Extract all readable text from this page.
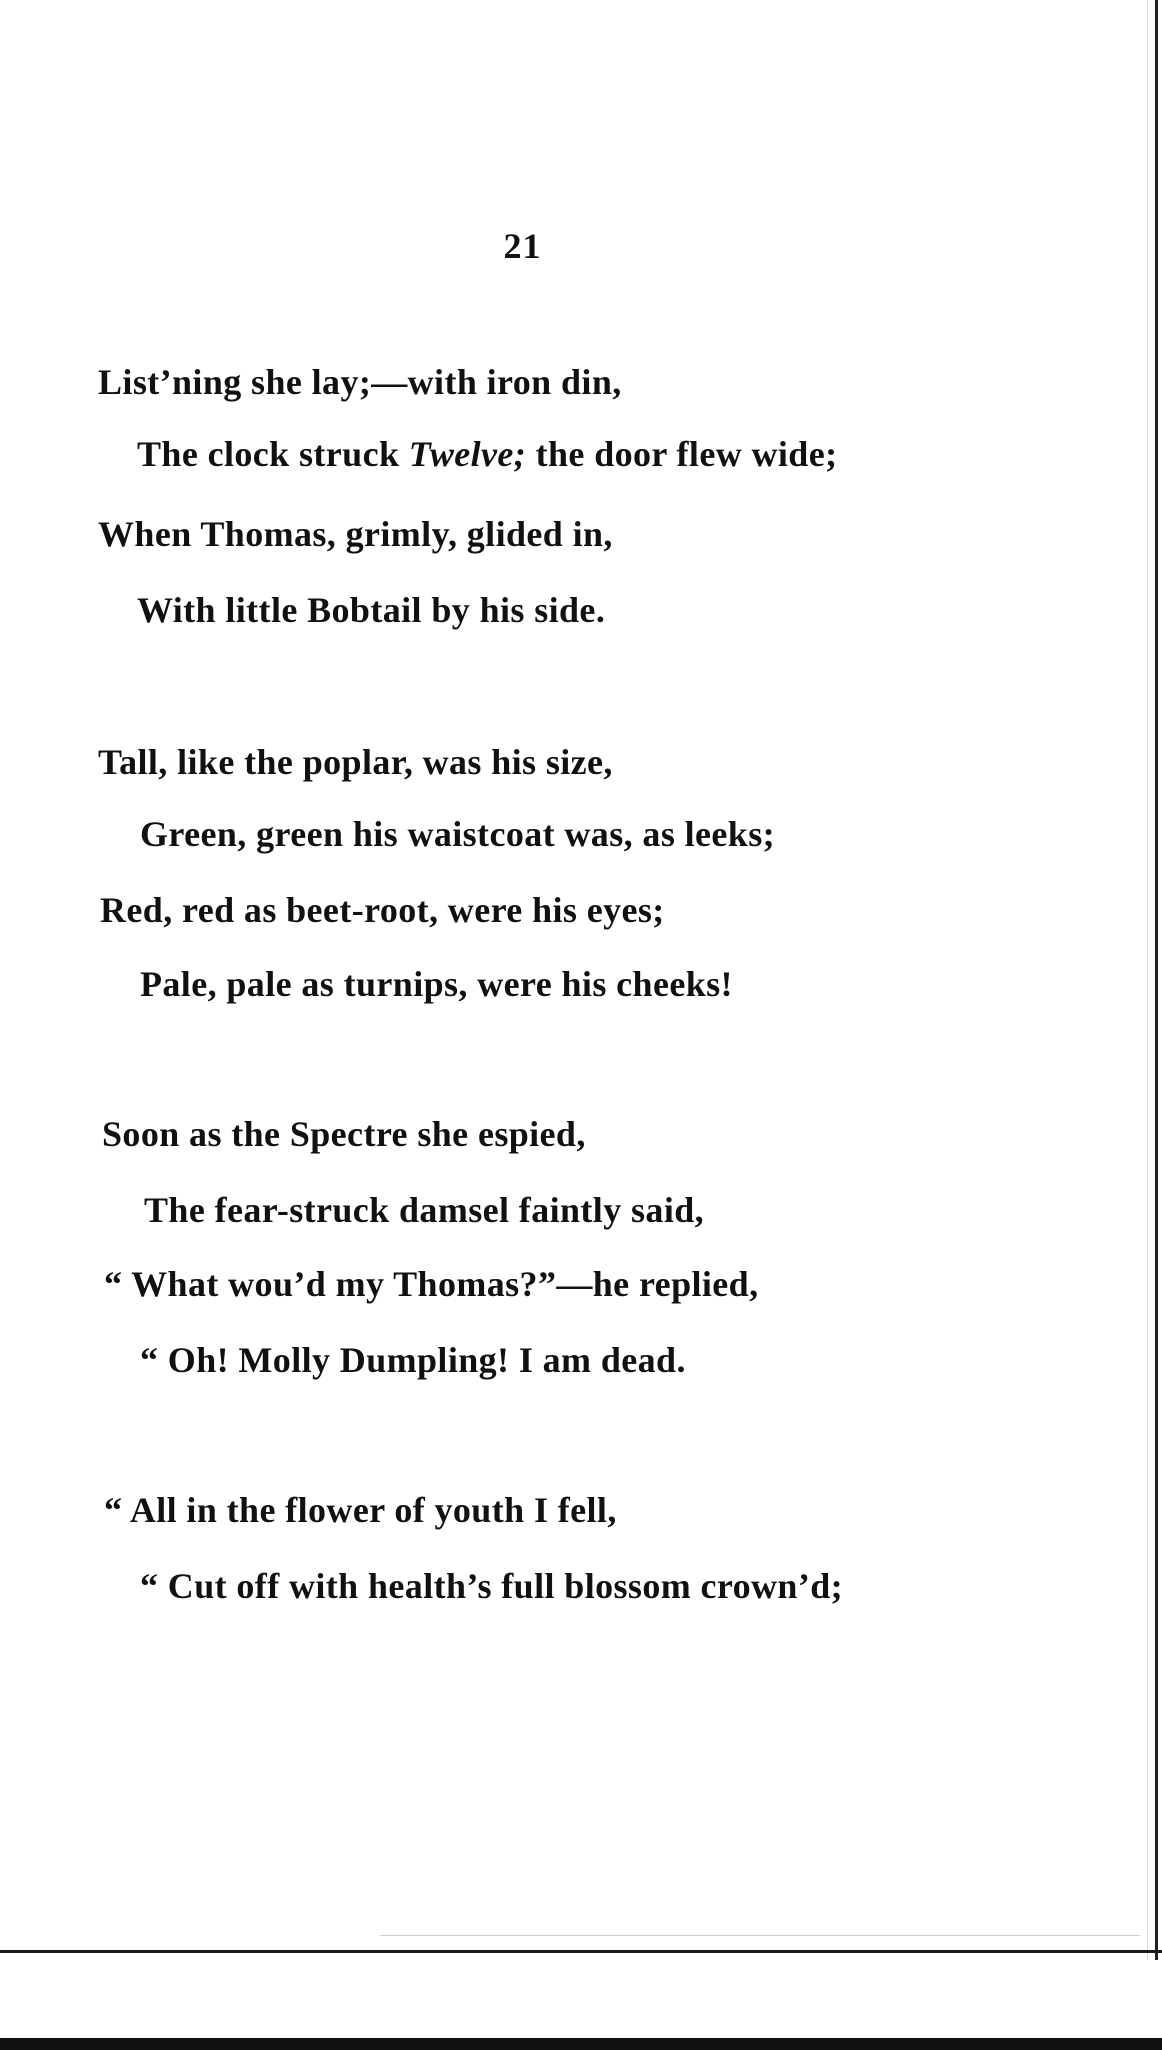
21
List’ning she lay;—with iron din,
The clock struck Twelve; the door flew wide;
When Thomas, grimly, glided in,
With little Bobtail by his side.
Tall, like the poplar, was his size,
Green, green his waistcoat was, as leeks;
Red, red as beet-root, were his eyes;
Pale, pale as turnips, were his cheeks!
Soon as the Spectre she espied,
The fear-struck damsel faintly said,
“ What wou’d my Thomas?”—he replied,
“ Oh! Molly Dumpling! I am dead.
“ All in the flower of youth I fell,
“ Cut off with health’s full blossom crown’d;
